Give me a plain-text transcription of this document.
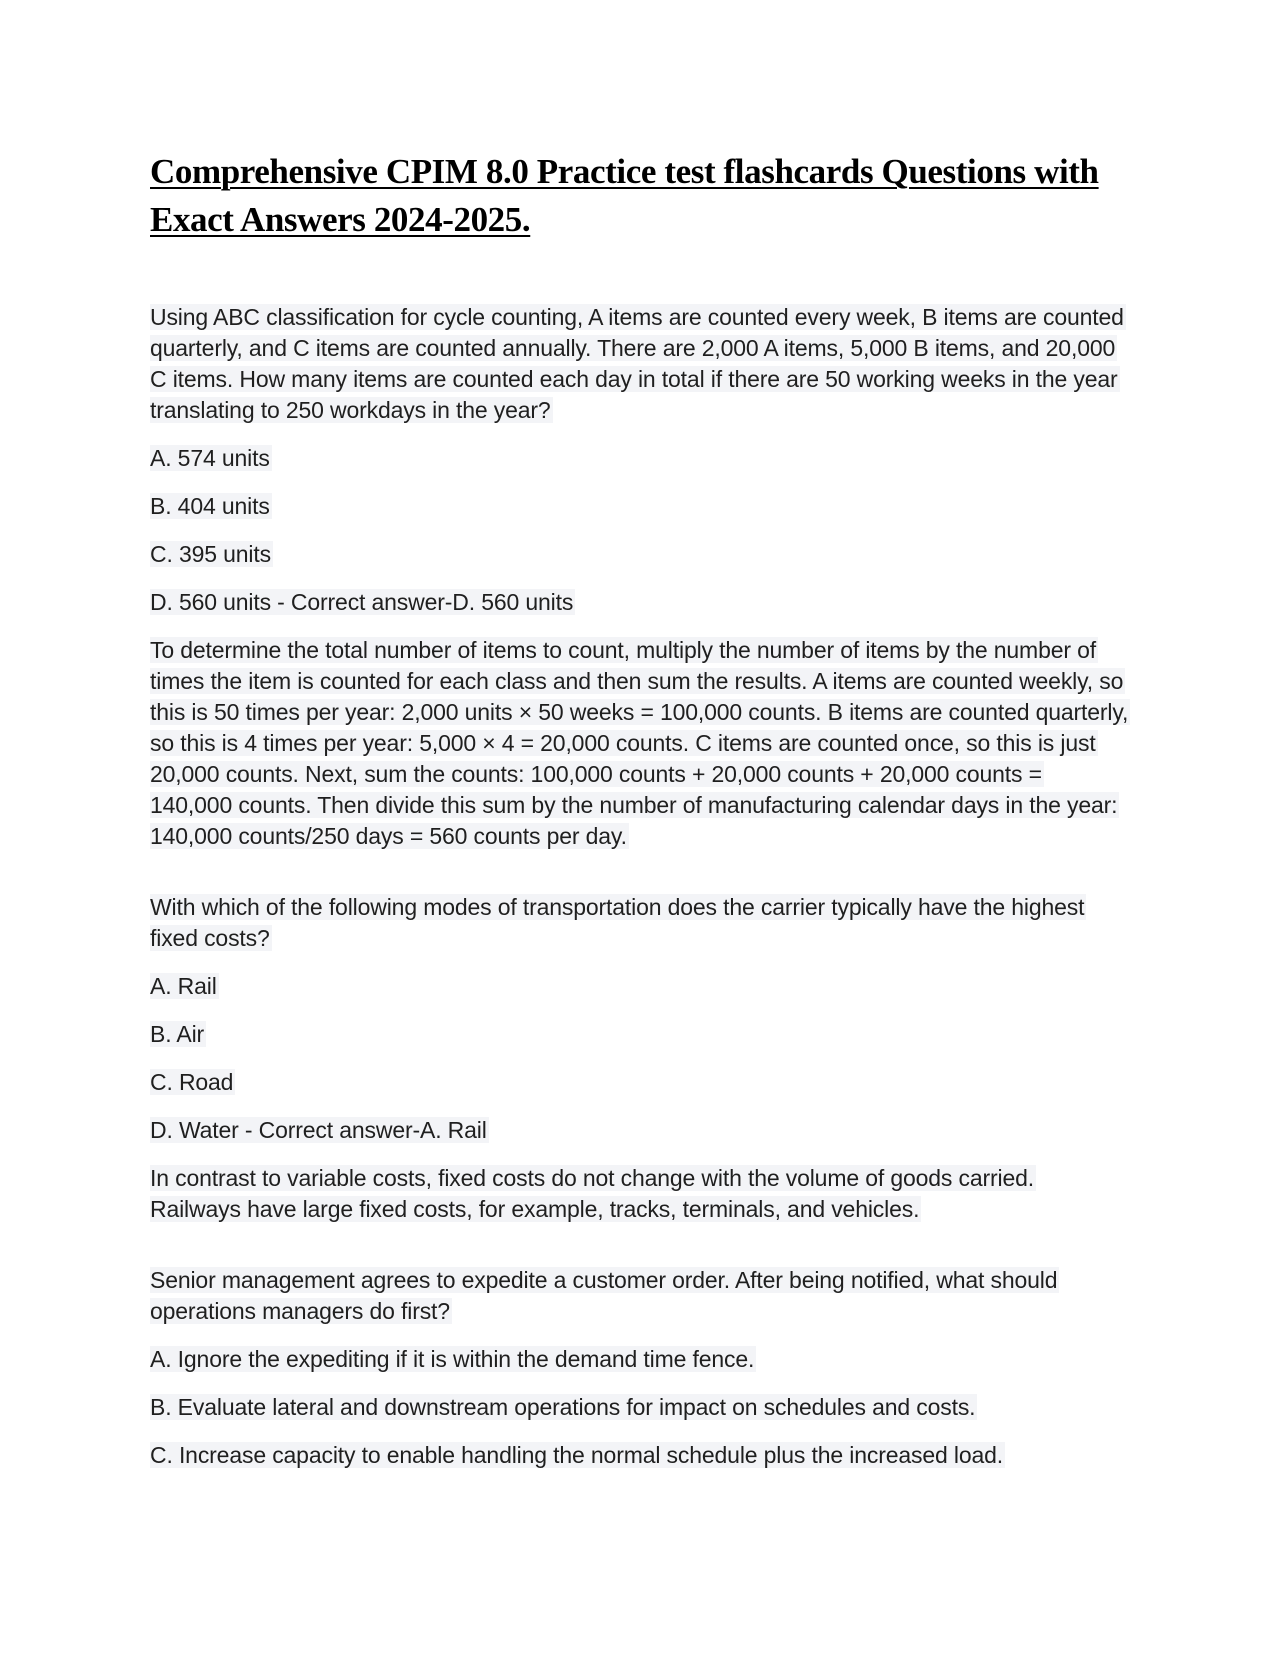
Comprehensive CPIM 8.0 Practice test flashcards Questions with Exact Answers 2024-2025.

Using ABC classification for cycle counting, A items are counted every week, B items are counted quarterly, and C items are counted annually. There are 2,000 A items, 5,000 B items, and 20,000 C items. How many items are counted each day in total if there are 50 working weeks in the year translating to 250 workdays in the year?

A. 574 units

B. 404 units

C. 395 units

D. 560 units - Correct answer-D. 560 units

To determine the total number of items to count, multiply the number of items by the number of times the item is counted for each class and then sum the results. A items are counted weekly, so this is 50 times per year: 2,000 units × 50 weeks = 100,000 counts. B items are counted quarterly, so this is 4 times per year: 5,000 × 4 = 20,000 counts. C items are counted once, so this is just 20,000 counts. Next, sum the counts: 100,000 counts + 20,000 counts + 20,000 counts = 140,000 counts. Then divide this sum by the number of manufacturing calendar days in the year: 140,000 counts/250 days = 560 counts per day.

With which of the following modes of transportation does the carrier typically have the highest fixed costs?

A. Rail

B. Air

C. Road

D. Water - Correct answer-A. Rail

In contrast to variable costs, fixed costs do not change with the volume of goods carried. Railways have large fixed costs, for example, tracks, terminals, and vehicles.

Senior management agrees to expedite a customer order. After being notified, what should operations managers do first?

A. Ignore the expediting if it is within the demand time fence.

B. Evaluate lateral and downstream operations for impact on schedules and costs.

C. Increase capacity to enable handling the normal schedule plus the increased load.
